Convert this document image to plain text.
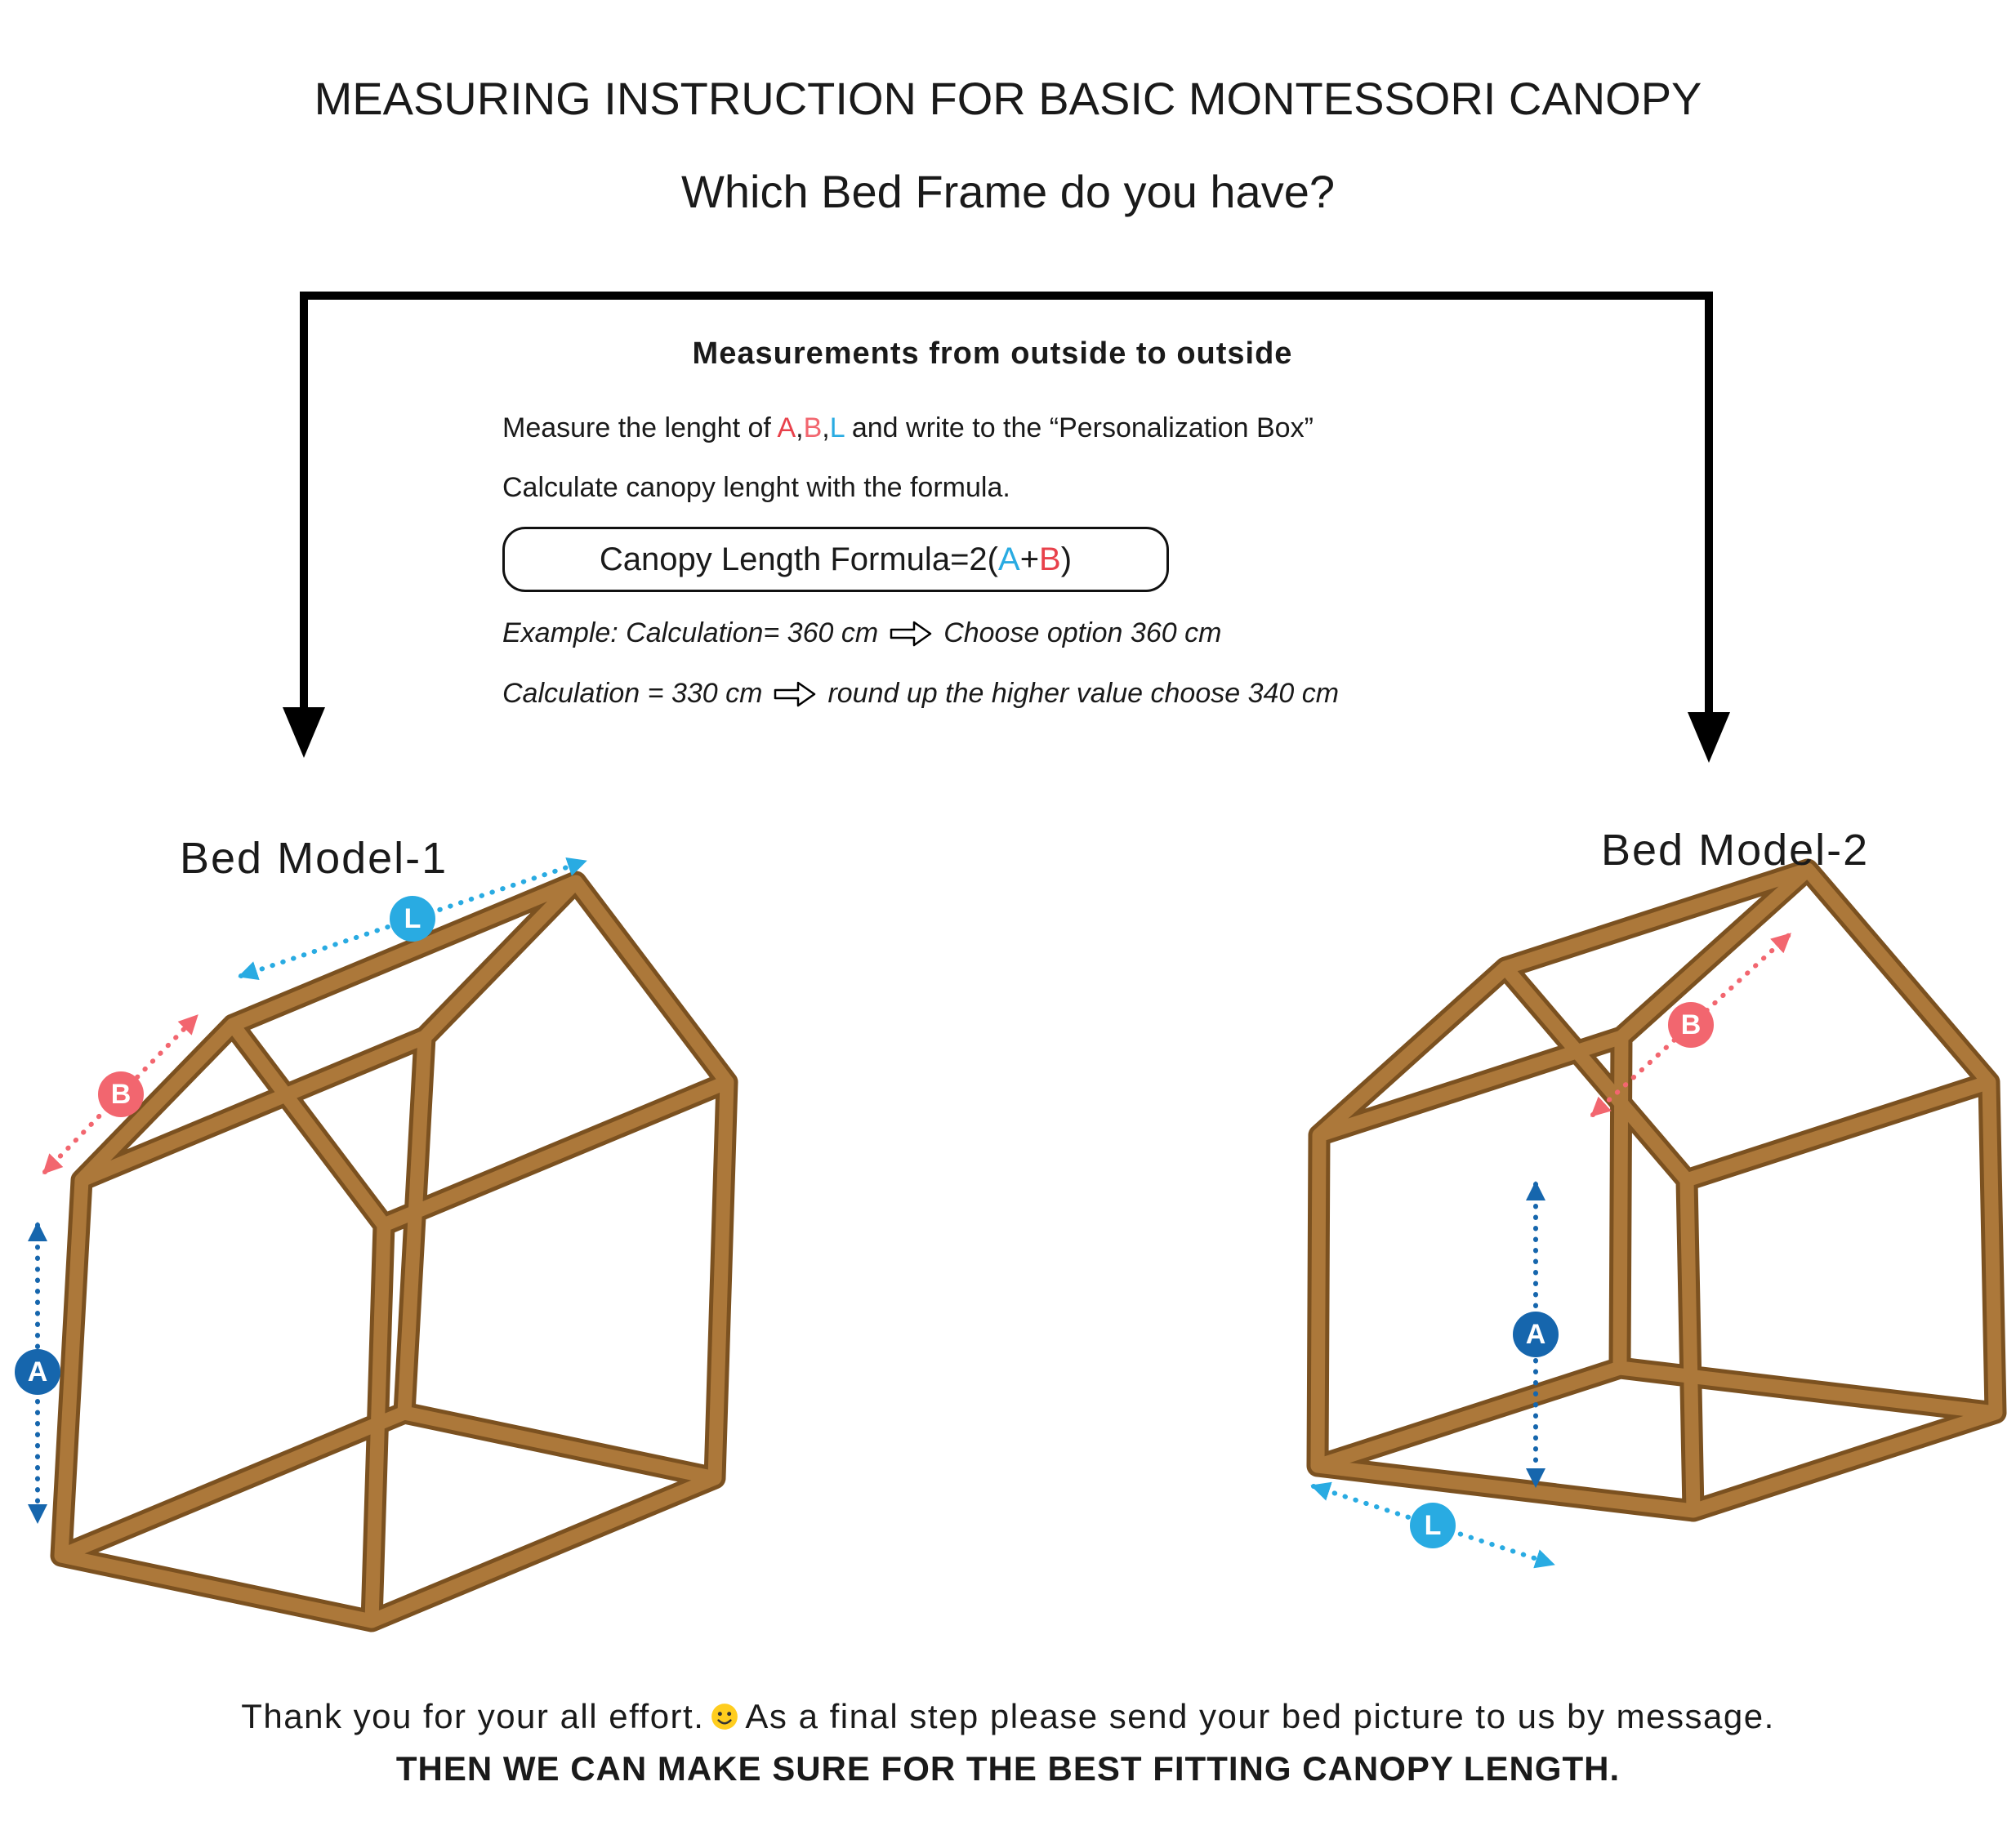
MEASURING INSTRUCTION FOR BASIC MONTESSORI CANOPY
Which Bed Frame do you have?
Measurements from outside to outside
Measure the lenght of A,B,L and write to the “Personalization Box”
Calculate canopy lenght with the formula.
Canopy Length Formula=2( A + B )
Example: Calculation= 360 cm Choose option 360 cm
Calculation = 330 cm round up the higher value choose 340 cm
Bed Model-1	Bed Model-2
A
B
L
A
B
L
Thank you for your all effort. As a final step please send your bed picture to us by message.
THEN WE CAN MAKE SURE FOR THE BEST FITTING CANOPY LENGTH.
